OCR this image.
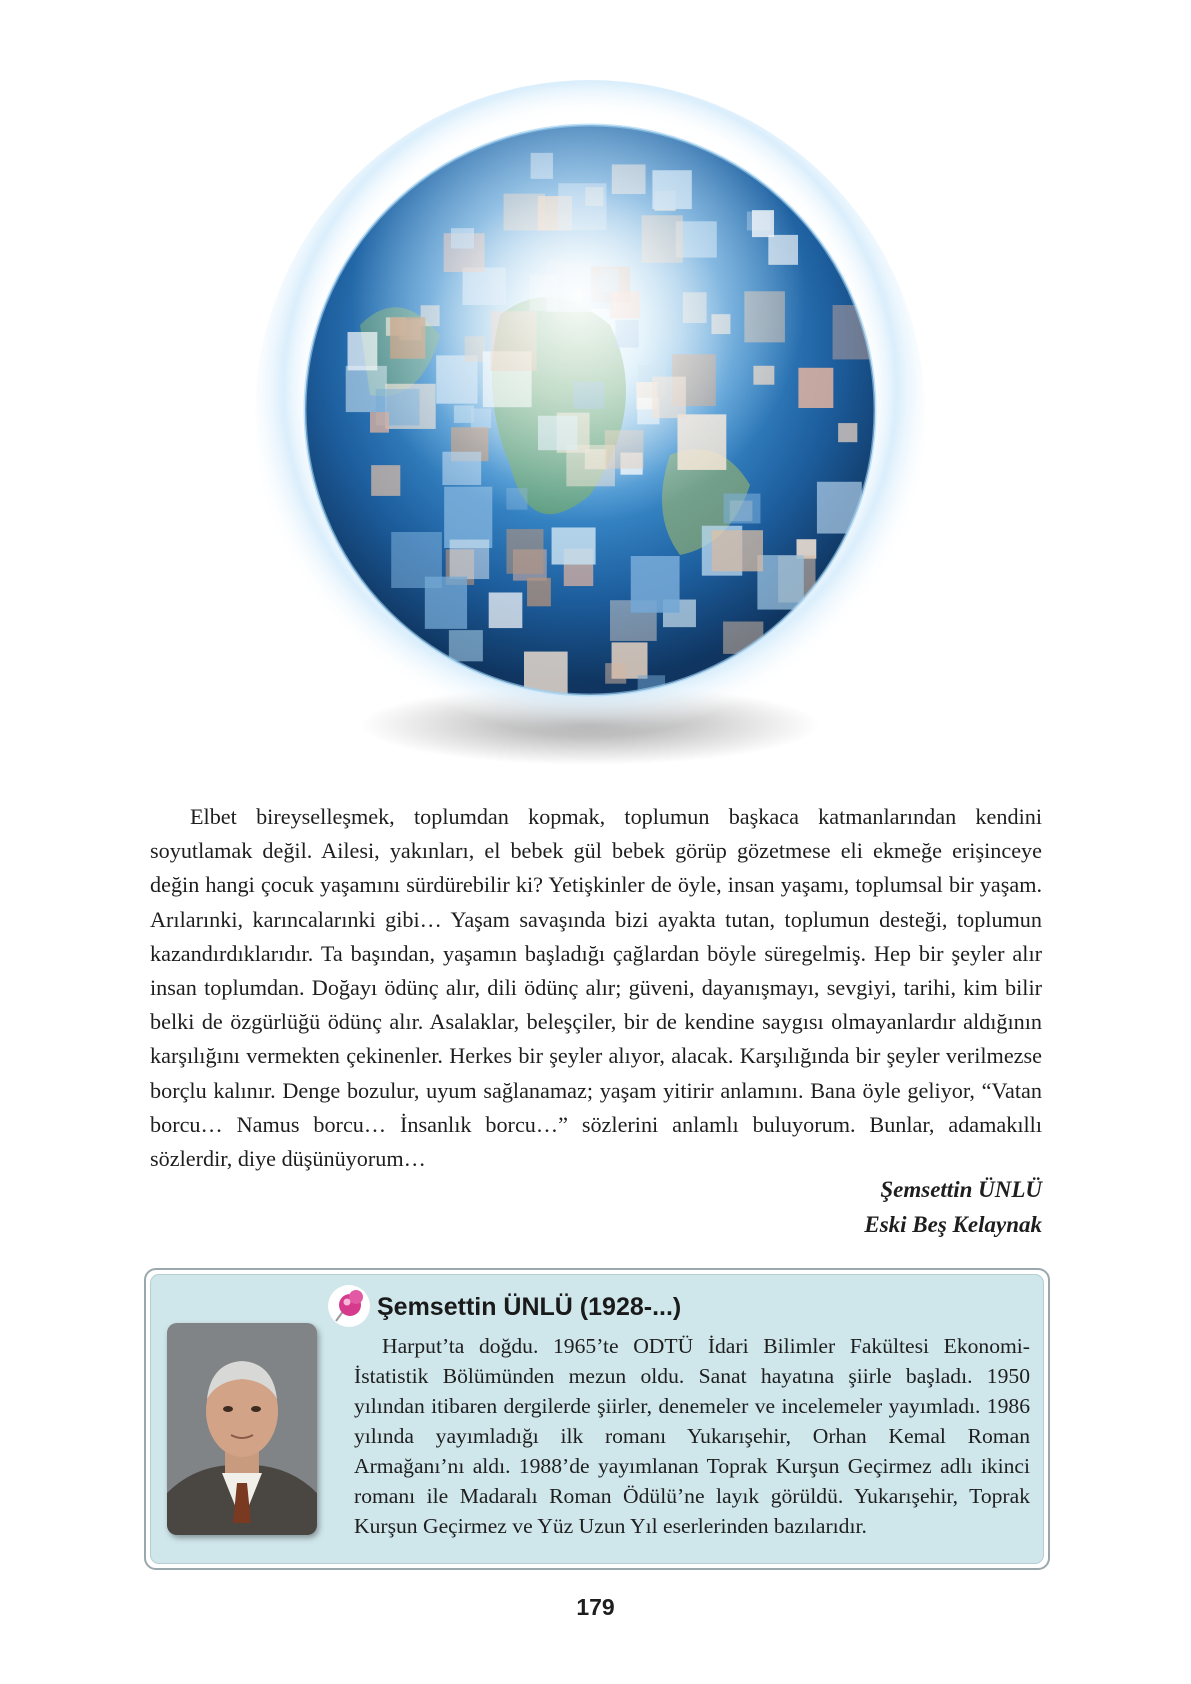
Elbet bireyselleşmek, toplumdan kopmak, toplumun başkaca katmanlarından kendini soyutlamak değil. Ailesi, yakınları, el bebek gül bebek görüp gözetmese eli ekmeğe erişinceye değin hangi çocuk yaşamını sürdürebilir ki? Yetişkinler de öyle, insan yaşamı, toplumsal bir yaşam. Arılarınki, karıncalarınki gibi… Yaşam savaşında bizi ayakta tutan, toplumun desteği, toplumun kazandırdıklarıdır. Ta başından, yaşamın başladığı çağlardan böyle süregelmiş. Hep bir şeyler alır insan toplumdan. Doğayı ödünç alır, dili ödünç alır; güveni, dayanışmayı, sevgiyi, tarihi, kim bilir belki de özgürlüğü ödünç alır. Asalaklar, beleşçiler, bir de kendine saygısı olmayanlardır aldığının karşılığını vermekten çekinenler. Herkes bir şeyler alıyor, alacak. Karşılığında bir şeyler verilmezse borçlu kalınır. Denge bozulur, uyum sağlanamaz; yaşam yitirir anlamını. Bana öyle geliyor, “Vatan borcu… Namus borcu… İnsanlık borcu…” sözlerini anlamlı buluyorum. Bunlar, adamakıllı sözlerdir, diye düşünüyorum…

Şemsettin ÜNLÜ
Eski Beş Kelaynak
Şemsettin ÜNLÜ (1928-...)

Harput’ta doğdu. 1965’te ODTÜ İdari Bilimler Fakültesi Ekonomi-İstatistik Bölümünden mezun oldu. Sanat hayatına şiirle başladı. 1950 yılından itibaren dergilerde şiirler, denemeler ve incelemeler yayımladı. 1986 yılında yayımladığı ilk romanı Yukarışehir, Orhan Kemal Roman Armağanı’nı aldı. 1988’de yayımlanan Toprak Kurşun Geçirmez adlı ikinci romanı ile Madaralı Roman Ödülü’ne layık görüldü. Yukarışehir, Toprak Kurşun Geçirmez ve Yüz Uzun Yıl eserlerinden bazılarıdır.

179
